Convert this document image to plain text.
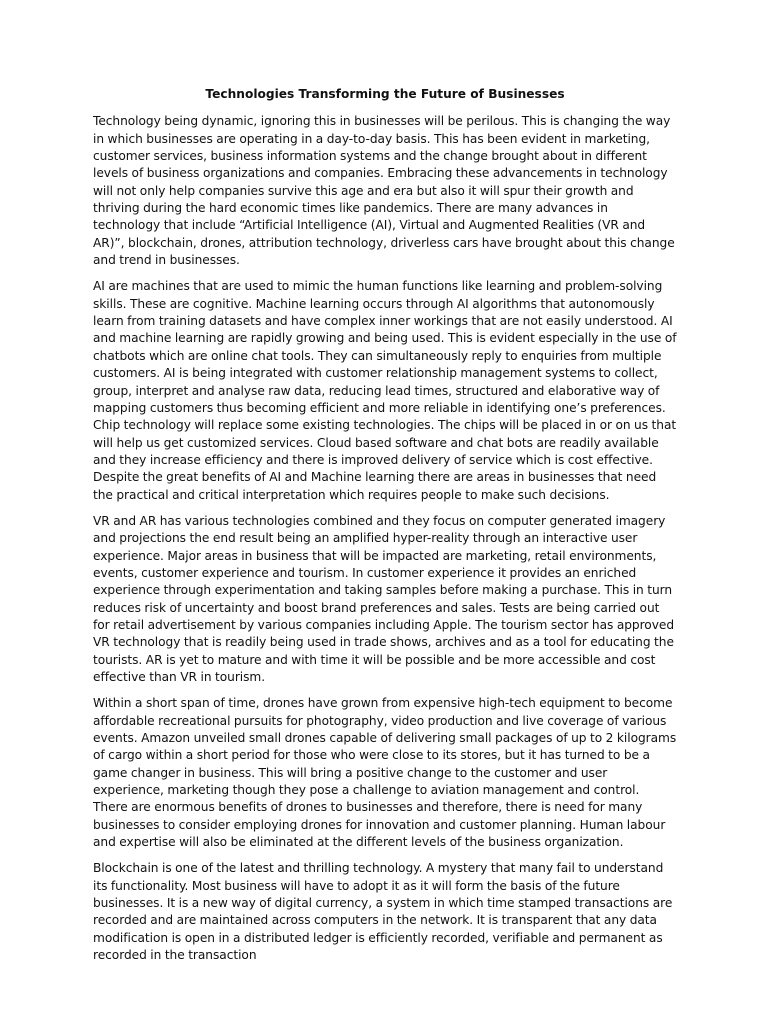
Technologies Transforming the Future of Businesses

Technology being dynamic, ignoring this in businesses will be perilous. This is changing the way in which businesses are operating in a day-to-day basis. This has been evident in marketing, customer services, business information systems and the change brought about in different levels of business organizations and companies. Embracing these advancements in technology will not only help companies survive this age and era but also it will spur their growth and thriving during the hard economic times like pandemics. There are many advances in technology that include “Artificial Intelligence (AI), Virtual and Augmented Realities (VR and AR)”, blockchain, drones, attribution technology, driverless cars have brought about this change and trend in businesses.

AI are machines that are used to mimic the human functions like learning and problem-solving skills. These are cognitive. Machine learning occurs through AI algorithms that autonomously learn from training datasets and have complex inner workings that are not easily understood. AI and machine learning are rapidly growing and being used. This is evident especially in the use of chatbots which are online chat tools. They can simultaneously reply to enquiries from multiple customers. AI is being integrated with customer relationship management systems to collect, group, interpret and analyse raw data, reducing lead times, structured and elaborative way of mapping customers thus becoming efficient and more reliable in identifying one’s preferences. Chip technology will replace some existing technologies. The chips will be placed in or on us that will help us get customized services. Cloud based software and chat bots are readily available and they increase efficiency and there is improved delivery of service which is cost effective. Despite the great benefits of AI and Machine learning there are areas in businesses that need the practical and critical interpretation which requires people to make such decisions.

VR and AR has various technologies combined and they focus on computer generated imagery and projections the end result being an amplified hyper-reality through an interactive user experience. Major areas in business that will be impacted are marketing, retail environments, events, customer experience and tourism. In customer experience it provides an enriched experience through experimentation and taking samples before making a purchase. This in turn reduces risk of uncertainty and boost brand preferences and sales. Tests are being carried out for retail advertisement by various companies including Apple. The tourism sector has approved VR technology that is readily being used in trade shows, archives and as a tool for educating the tourists. AR is yet to mature and with time it will be possible and be more accessible and cost effective than VR in tourism.

Within a short span of time, drones have grown from expensive high-tech equipment to become affordable recreational pursuits for photography, video production and live coverage of various events. Amazon unveiled small drones capable of delivering small packages of up to 2 kilograms of cargo within a short period for those who were close to its stores, but it has turned to be a game changer in business. This will bring a positive change to the customer and user experience, marketing though they pose a challenge to aviation management and control. There are enormous benefits of drones to businesses and therefore, there is need for many businesses to consider employing drones for innovation and customer planning. Human labour and expertise will also be eliminated at the different levels of the business organization.

Blockchain is one of the latest and thrilling technology. A mystery that many fail to understand its functionality. Most business will have to adopt it as it will form the basis of the future businesses. It is a new way of digital currency, a system in which time stamped transactions are recorded and are maintained across computers in the network. It is transparent that any data modification is open in a distributed ledger is efficiently recorded, verifiable and permanent as recorded in the transaction
